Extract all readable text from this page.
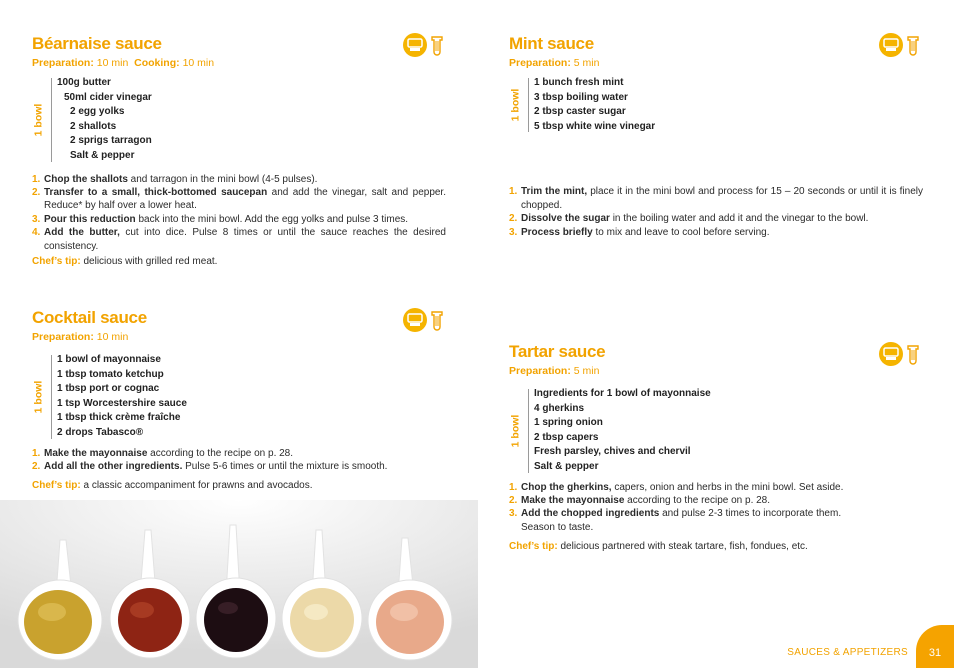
Béarnaise sauce
Preparation: 10 min Cooking: 10 min
1 bowl
100g butter
50ml cider vinegar
2 egg yolks
2 shallots
2 sprigs tarragon
Salt & pepper
1. Chop the shallots and tarragon in the mini bowl (4-5 pulses).
2. Transfer to a small, thick-bottomed saucepan and add the vinegar, salt and pepper. Reduce* by half over a lower heat.
3. Pour this reduction back into the mini bowl. Add the egg yolks and pulse 3 times.
4. Add the butter, cut into dice. Pulse 8 times or until the sauce reaches the desired consistency.
Chef’s tip: delicious with grilled red meat.
Cocktail sauce
Preparation: 10 min
1 bowl
1 bowl of mayonnaise
1 tbsp tomato ketchup
1 tbsp port or cognac
1 tsp Worcestershire sauce
1 tbsp thick crème fraîche
2 drops Tabasco®
1. Make the mayonnaise according to the recipe on p. 28.
2. Add all the other ingredients. Pulse 5-6 times or until the mixture is smooth.
Chef’s tip: a classic accompaniment for prawns and avocados.
Mint sauce
Preparation: 5 min
1 bowl
1 bunch fresh mint
3 tbsp boiling water
2 tbsp caster sugar
5 tbsp white wine vinegar
1. Trim the mint, place it in the mini bowl and process for 15 – 20 seconds or until it is finely chopped.
2. Dissolve the sugar in the boiling water and add it and the vinegar to the bowl.
3. Process briefly to mix and leave to cool before serving.
Tartar sauce
Preparation: 5 min
1 bowl
Ingredients for 1 bowl of mayonnaise
4 gherkins
1 spring onion
2 tbsp capers
Fresh parsley, chives and chervil
Salt & pepper
1. Chop the gherkins, capers, onion and herbs in the mini bowl. Set aside.
2. Make the mayonnaise according to the recipe on p. 28.
3. Add the chopped ingredients and pulse 2-3 times to incorporate them. Season to taste.
Chef’s tip: delicious partnered with steak tartare, fish, fondues, etc.
SAUCES & APPETIZERS	31
